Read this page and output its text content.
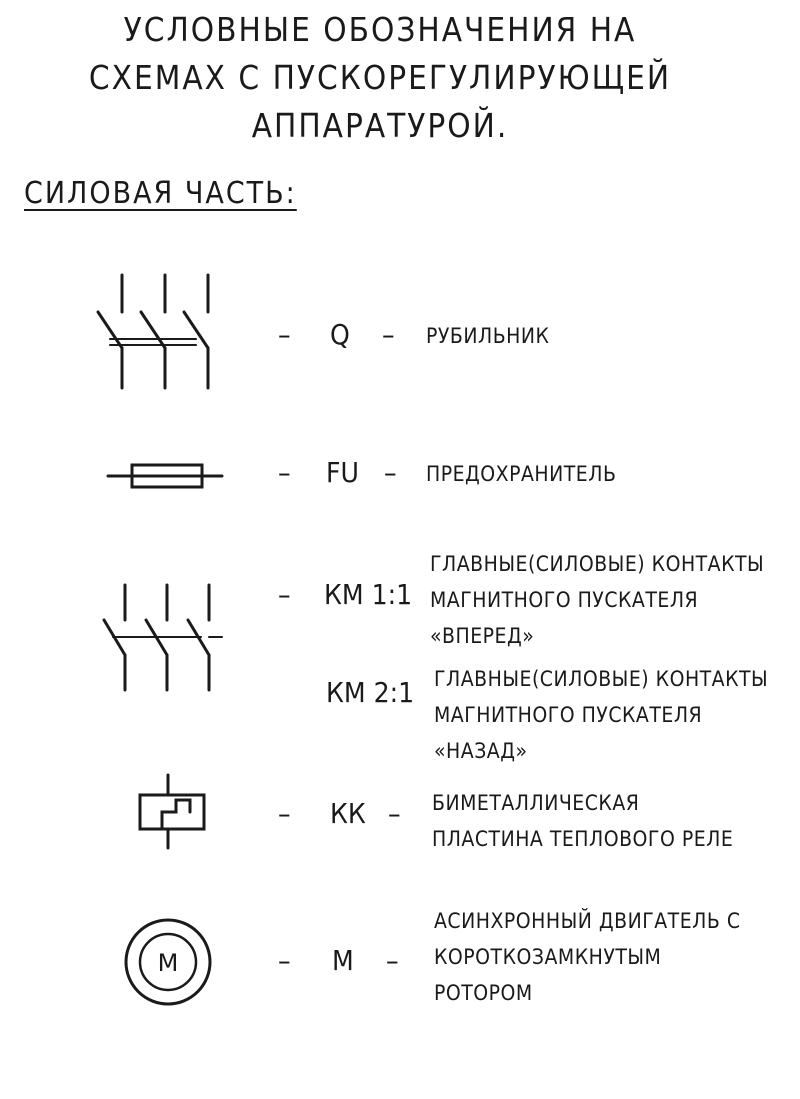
УСЛОВНЫЕ ОБОЗНАЧЕНИЯ НА
СХЕМАХ С ПУСКОРЕГУЛИРУЮЩЕЙ
АППАРАТУРОЙ.
СИЛОВАЯ ЧАСТЬ:
М
– Q – РУБИЛЬНИК
– FU – ПРЕДОХРАНИТЕЛЬ
– КМ 1:1
ГЛАВНЫЕ(СИЛОВЫЕ) КОНТАКТЫ
МАГНИТНОГО ПУСКАТЕЛЯ
«ВПЕРЕД»
КМ 2:1 ГЛАВНЫЕ(СИЛОВЫЕ) КОНТАКТЫ
МАГНИТНОГО ПУСКАТЕЛЯ
«НАЗАД»
– КК – БИМЕТАЛЛИЧЕСКАЯ
ПЛАСТИНА ТЕПЛОВОГО РЕЛЕ
– М –
АСИНХРОННЫЙ ДВИГАТЕЛЬ С
КОРОТКОЗАМКНУТЫМ
РОТОРОМ
